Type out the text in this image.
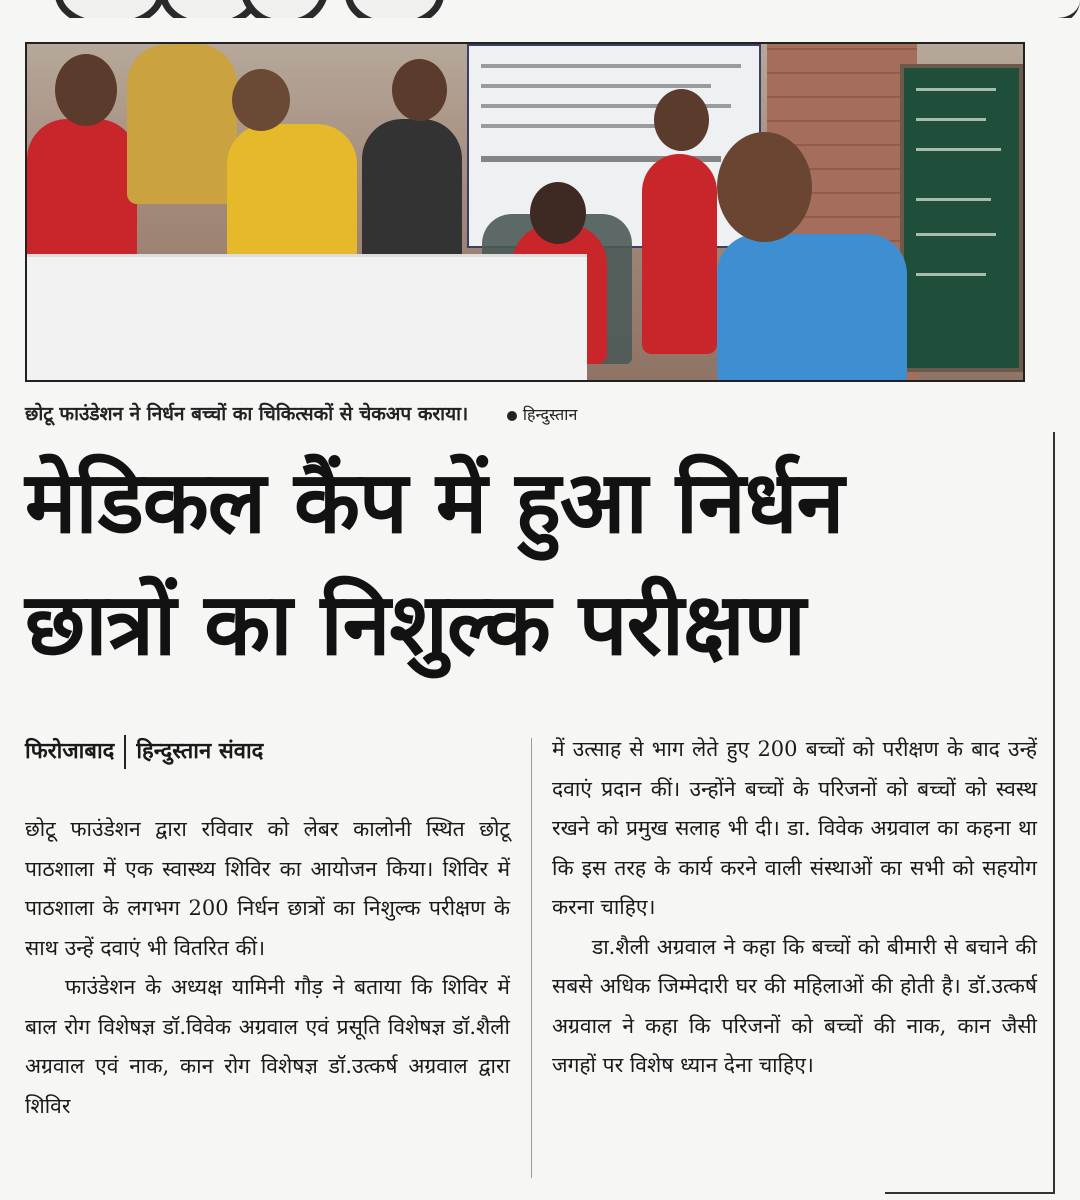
छोटू फाउंडेशन ने निर्धन बच्चों का चिकित्सकों से चेकअप कराया।	हिन्दुस्तान
मेडिकल कैंप में हुआ निर्धन
छात्रों का निशुल्क परीक्षण
फिरोजाबाद हिन्दुस्तान संवाद

छोटू फाउंडेशन द्वारा रविवार को लेबर कालोनी स्थित छोटू पाठशाला में एक स्वास्थ्य शिविर का आयोजन किया। शिविर में पाठशाला के लगभग 200 निर्धन छात्रों का निशुल्क परीक्षण के साथ उन्हें दवाएं भी वितरित कीं।

फाउंडेशन के अध्यक्ष यामिनी गौड़ ने बताया कि शिविर में बाल रोग विशेषज्ञ डॉ.विवेक अग्रवाल एवं प्रसूति विशेषज्ञ डॉ.शैली अग्रवाल एवं नाक, कान रोग विशेषज्ञ डॉ.उत्कर्ष अग्रवाल द्वारा शिविर

में उत्साह से भाग लेते हुए 200 बच्चों को परीक्षण के बाद उन्हें दवाएं प्रदान कीं। उन्होंने बच्चों के परिजनों को बच्चों को स्वस्थ रखने को प्रमुख सलाह भी दी। डा. विवेक अग्रवाल का कहना था कि इस तरह के कार्य करने वाली संस्थाओं का सभी को सहयोग करना चाहिए।

डा.शैली अग्रवाल ने कहा कि बच्चों को बीमारी से बचाने की सबसे अधिक जिम्मेदारी घर की महिलाओं की होती है। डॉ.उत्कर्ष अग्रवाल ने कहा कि परिजनों को बच्चों की नाक, कान जैसी जगहों पर विशेष ध्यान देना चाहिए।
